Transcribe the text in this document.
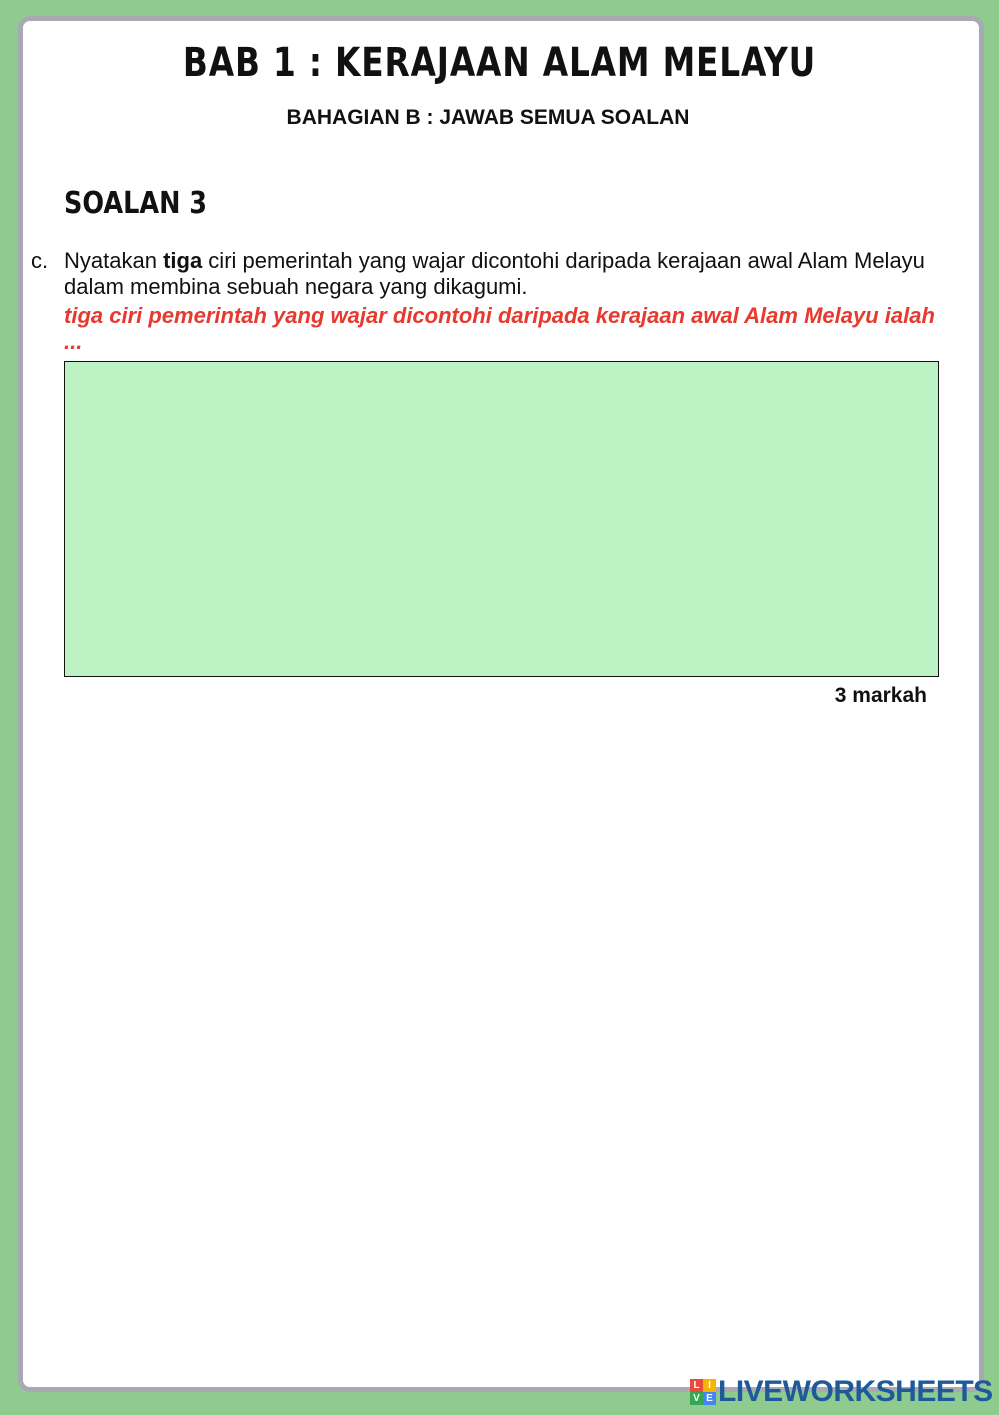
BAB 1 : KERAJAAN ALAM MELAYU
BAHAGIAN B : JAWAB SEMUA SOALAN
SOALAN 3
c. Nyatakan tiga ciri pemerintah yang wajar dicontohi daripada kerajaan awal Alam Melayu dalam membina sebuah negara yang dikagumi.
tiga ciri pemerintah yang wajar dicontohi daripada kerajaan awal Alam Melayu ialah ...
3 markah
L I
V E LIVEWORKSHEETS
